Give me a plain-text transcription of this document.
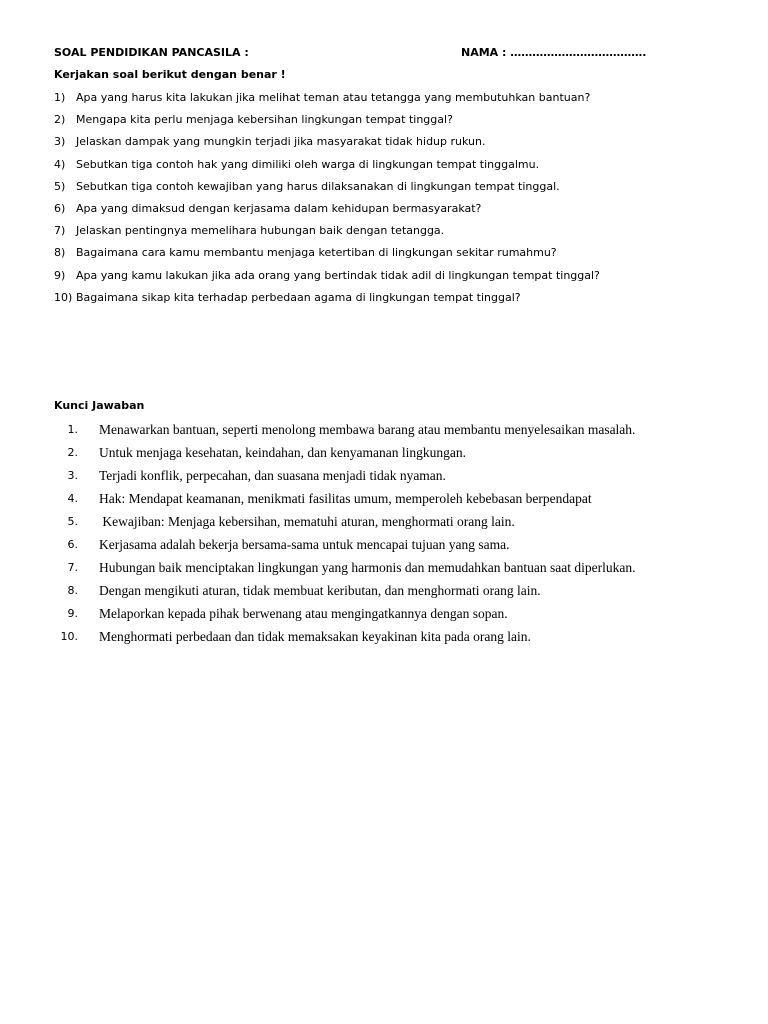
SOAL PENDIDIKAN PANCASILA :	NAMA : ……………………………….
Kerjakan soal berikut dengan benar !
1) Apa yang harus kita lakukan jika melihat teman atau tetangga yang membutuhkan bantuan?
2) Mengapa kita perlu menjaga kebersihan lingkungan tempat tinggal?
3) Jelaskan dampak yang mungkin terjadi jika masyarakat tidak hidup rukun.
4) Sebutkan tiga contoh hak yang dimiliki oleh warga di lingkungan tempat tinggalmu.
5) Sebutkan tiga contoh kewajiban yang harus dilaksanakan di lingkungan tempat tinggal.
6) Apa yang dimaksud dengan kerjasama dalam kehidupan bermasyarakat?
7) Jelaskan pentingnya memelihara hubungan baik dengan tetangga.
8) Bagaimana cara kamu membantu menjaga ketertiban di lingkungan sekitar rumahmu?
9) Apa yang kamu lakukan jika ada orang yang bertindak tidak adil di lingkungan tempat tinggal?
10) Bagaimana sikap kita terhadap perbedaan agama di lingkungan tempat tinggal?
Kunci Jawaban
1. Menawarkan bantuan, seperti menolong membawa barang atau membantu menyelesaikan masalah.
2. Untuk menjaga kesehatan, keindahan, dan kenyamanan lingkungan.
3. Terjadi konflik, perpecahan, dan suasana menjadi tidak nyaman.
4. Hak: Mendapat keamanan, menikmati fasilitas umum, memperoleh kebebasan berpendapat
5. Kewajiban: Menjaga kebersihan, mematuhi aturan, menghormati orang lain.
6. Kerjasama adalah bekerja bersama-sama untuk mencapai tujuan yang sama.
7. Hubungan baik menciptakan lingkungan yang harmonis dan memudahkan bantuan saat diperlukan.
8. Dengan mengikuti aturan, tidak membuat keributan, dan menghormati orang lain.
9. Melaporkan kepada pihak berwenang atau mengingatkannya dengan sopan.
10. Menghormati perbedaan dan tidak memaksakan keyakinan kita pada orang lain.
